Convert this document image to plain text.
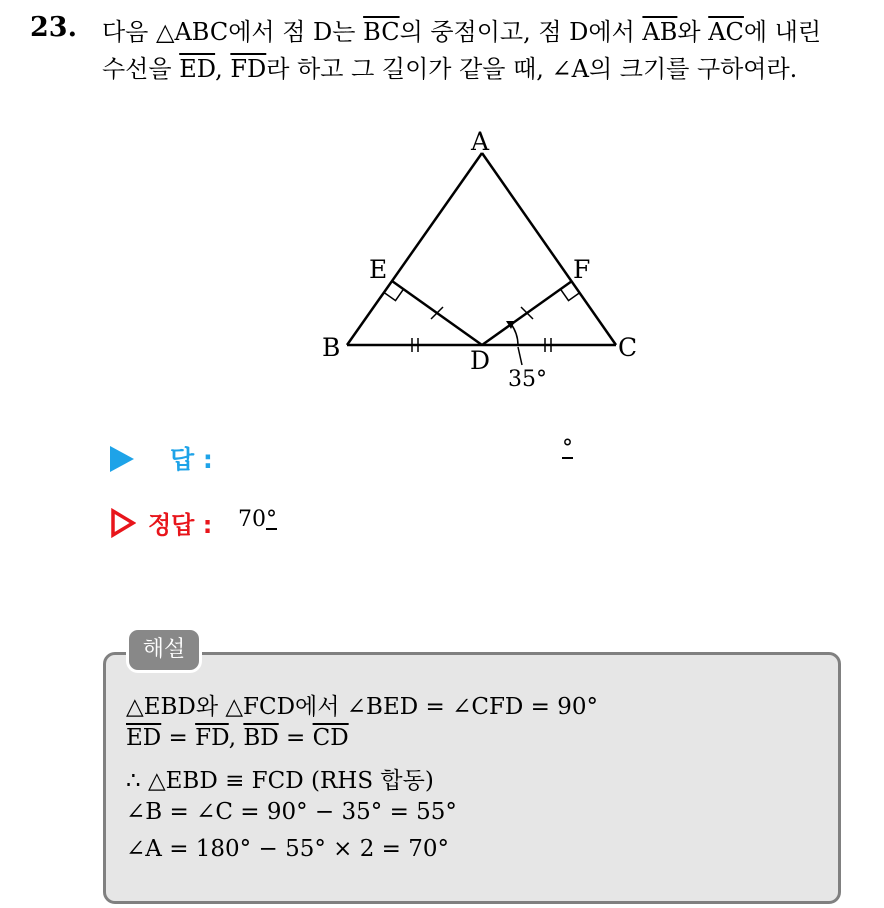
23. 다음 △ABC에서 점 D는 $\overline{BC}$의 중점이고, 점 D에서 $\overline{AB}$와 $\overline{AC}$에 내린
수선을 $\overline{ED}$, $\overline{FD}$라 하고 그 길이가 같을 때, ∠A의 크기를 구하여라.
A
B	C
D
E	F
35°
답 :	°
정답 : 70°
해설
△EBD와 △FCD에서 ∠BED = ∠CFD = 90°
$\overline{ED} = \overline{FD}$, $\overline{BD} = \overline{CD}$
∴ △EBD ≡ FCD (RHS 합동)
∠B = ∠C = 90° − 35° = 55°
∠A = 180° − 55° × 2 = 70°
